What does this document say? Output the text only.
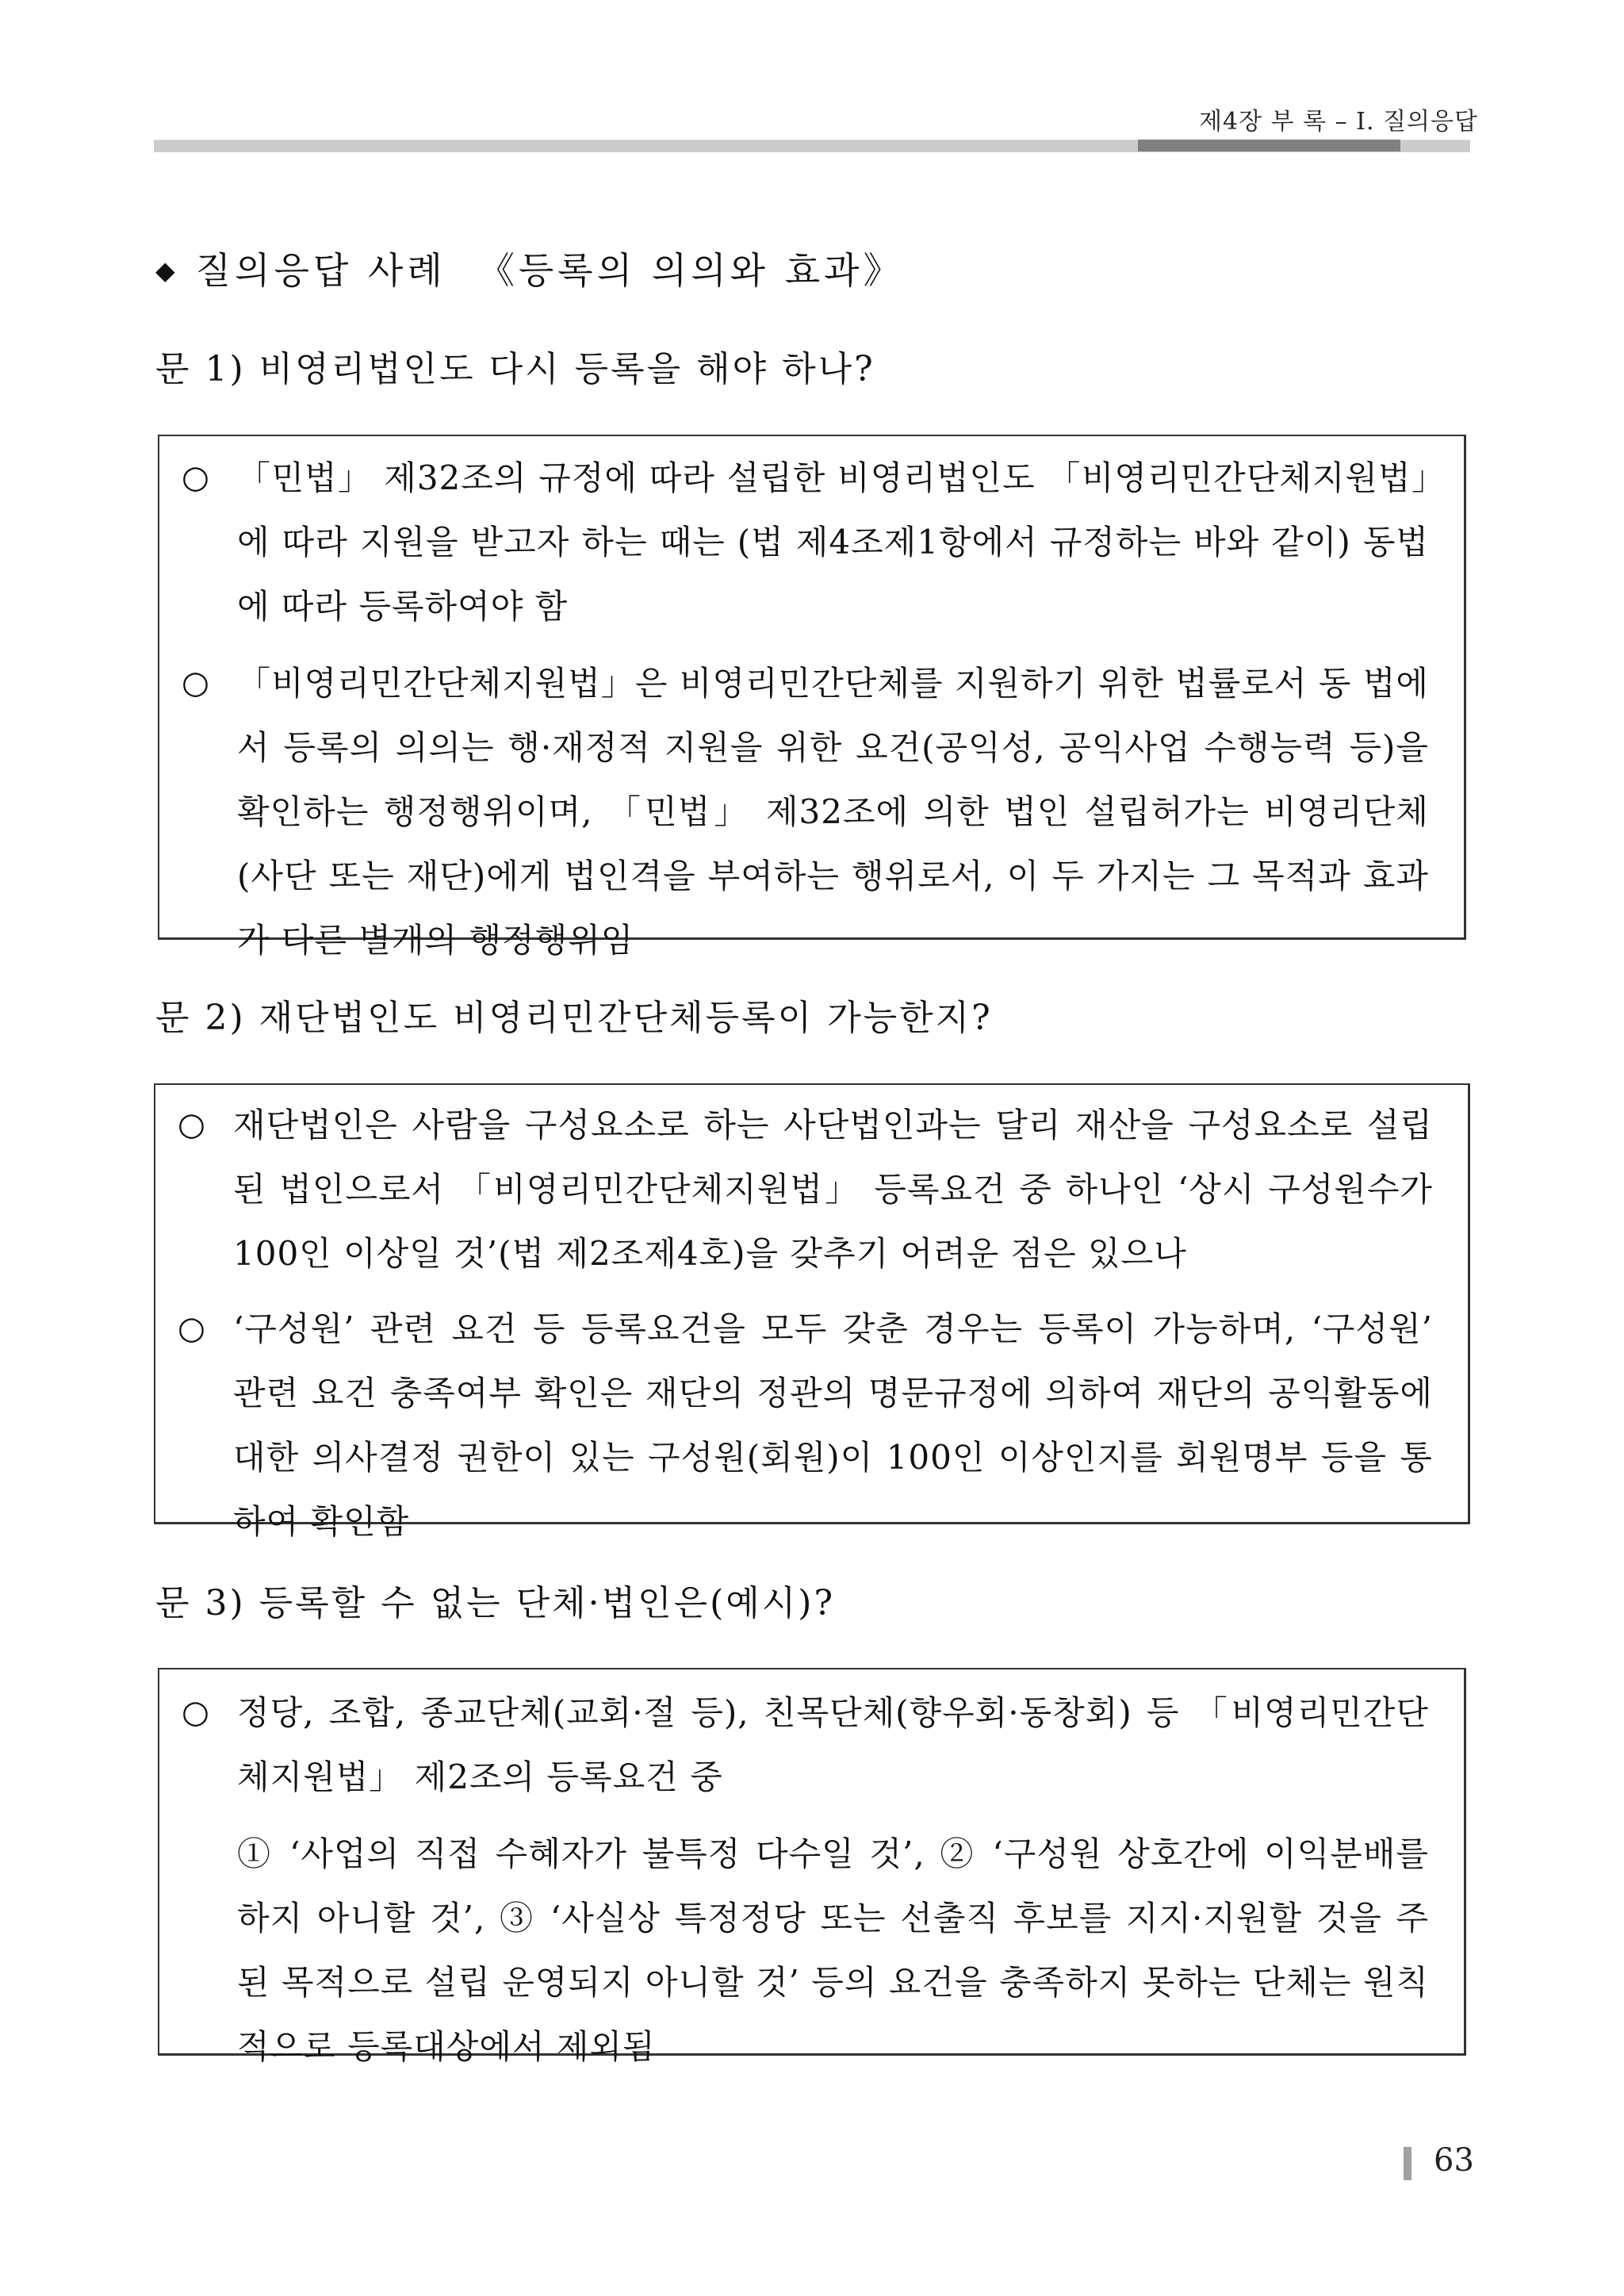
제4장 부 록 – Ⅰ. 질의응답
◆ 질의응답 사례 《등록의 의의와 효과》
문 1) 비영리법인도 다시 등록을 해야 하나?
○ 「민법」 제32조의 규정에 따라 설립한 비영리법인도 「비영리민간단체지원법」에 따라 지원을 받고자 하는 때는 (법 제4조제1항에서 규정하는 바와 같이) 동법에 따라 등록하여야 함
○ 「비영리민간단체지원법」은 비영리민간단체를 지원하기 위한 법률로서 동 법에서 등록의 의의는 행·재정적 지원을 위한 요건(공익성, 공익사업 수행능력 등)을 확인하는 행정행위이며, 「민법」 제32조에 의한 법인 설립허가는 비영리단체(사단 또는 재단)에게 법인격을 부여하는 행위로서, 이 두 가지는 그 목적과 효과가 다른 별개의 행정행위임
문 2) 재단법인도 비영리민간단체등록이 가능한지?
○ 재단법인은 사람을 구성요소로 하는 사단법인과는 달리 재산을 구성요소로 설립된 법인으로서 「비영리민간단체지원법」 등록요건 중 하나인 ‘상시 구성원수가 100인 이상일 것’(법 제2조제4호)을 갖추기 어려운 점은 있으나
○ ‘구성원’ 관련 요건 등 등록요건을 모두 갖춘 경우는 등록이 가능하며, ‘구성원’ 관련 요건 충족여부 확인은 재단의 정관의 명문규정에 의하여 재단의 공익활동에 대한 의사결정 권한이 있는 구성원(회원)이 100인 이상인지를 회원명부 등을 통하여 확인함
문 3) 등록할 수 없는 단체·법인은(예시)?
○ 정당, 조합, 종교단체(교회·절 등), 친목단체(향우회·동창회) 등 「비영리민간단체지원법」 제2조의 등록요건 중
① ‘사업의 직접 수혜자가 불특정 다수일 것’, ② ‘구성원 상호간에 이익분배를 하지 아니할 것’, ③ ‘사실상 특정정당 또는 선출직 후보를 지지·지원할 것을 주된 목적으로 설립 운영되지 아니할 것’ 등의 요건을 충족하지 못하는 단체는 원칙적으로 등록대상에서 제외됨
63
